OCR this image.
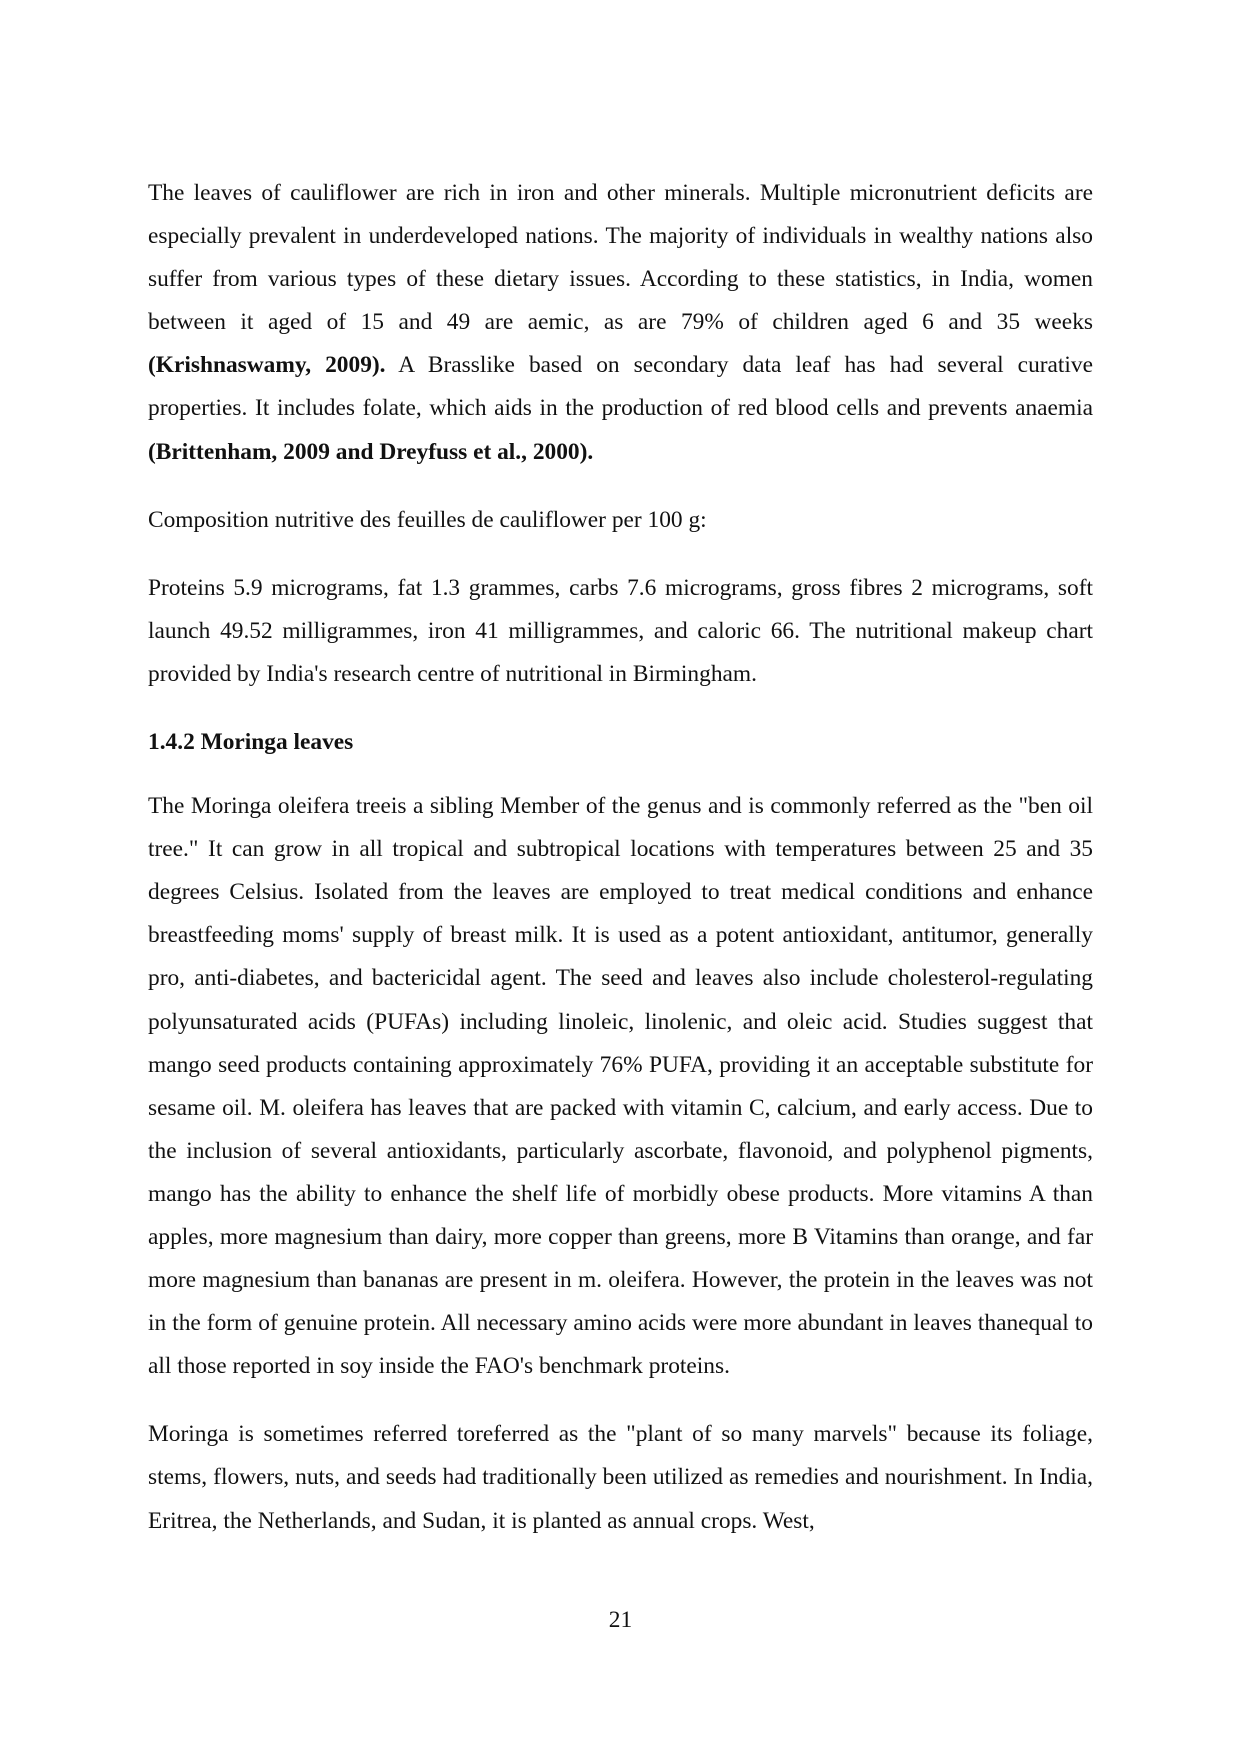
The leaves of cauliflower are rich in iron and other minerals. Multiple micronutrient deficits are especially prevalent in underdeveloped nations. The majority of individuals in wealthy nations also suffer from various types of these dietary issues. According to these statistics, in India, women between it aged of 15 and 49 are aemic, as are 79% of children aged 6 and 35 weeks (Krishnaswamy, 2009). A Brasslike based on secondary data leaf has had several curative properties. It includes folate, which aids in the production of red blood cells and prevents anaemia (Brittenham, 2009 and Dreyfuss et al., 2000).

Composition nutritive des feuilles de cauliflower per 100 g:

Proteins 5.9 micrograms, fat 1.3 grammes, carbs 7.6 micrograms, gross fibres 2 micrograms, soft launch 49.52 milligrammes, iron 41 milligrammes, and caloric 66. The nutritional makeup chart provided by India's research centre of nutritional in Birmingham.

1.4.2 Moringa leaves

The Moringa oleifera treeis a sibling Member of the genus and is commonly referred as the "ben oil tree." It can grow in all tropical and subtropical locations with temperatures between 25 and 35 degrees Celsius. Isolated from the leaves are employed to treat medical conditions and enhance breastfeeding moms' supply of breast milk. It is used as a potent antioxidant, antitumor, generally pro, anti-diabetes, and bactericidal agent. The seed and leaves also include cholesterol-regulating polyunsaturated acids (PUFAs) including linoleic, linolenic, and oleic acid. Studies suggest that mango seed products containing approximately 76% PUFA, providing it an acceptable substitute for sesame oil. M. oleifera has leaves that are packed with vitamin C, calcium, and early access. Due to the inclusion of several antioxidants, particularly ascorbate, flavonoid, and polyphenol pigments, mango has the ability to enhance the shelf life of morbidly obese products. More vitamins A than apples, more magnesium than dairy, more copper than greens, more B Vitamins than orange, and far more magnesium than bananas are present in m. oleifera. However, the protein in the leaves was not in the form of genuine protein. All necessary amino acids were more abundant in leaves thanequal to all those reported in soy inside the FAO's benchmark proteins.

Moringa is sometimes referred toreferred as the "plant of so many marvels" because its foliage, stems, flowers, nuts, and seeds had traditionally been utilized as remedies and nourishment. In India, Eritrea, the Netherlands, and Sudan, it is planted as annual crops. West,

21
